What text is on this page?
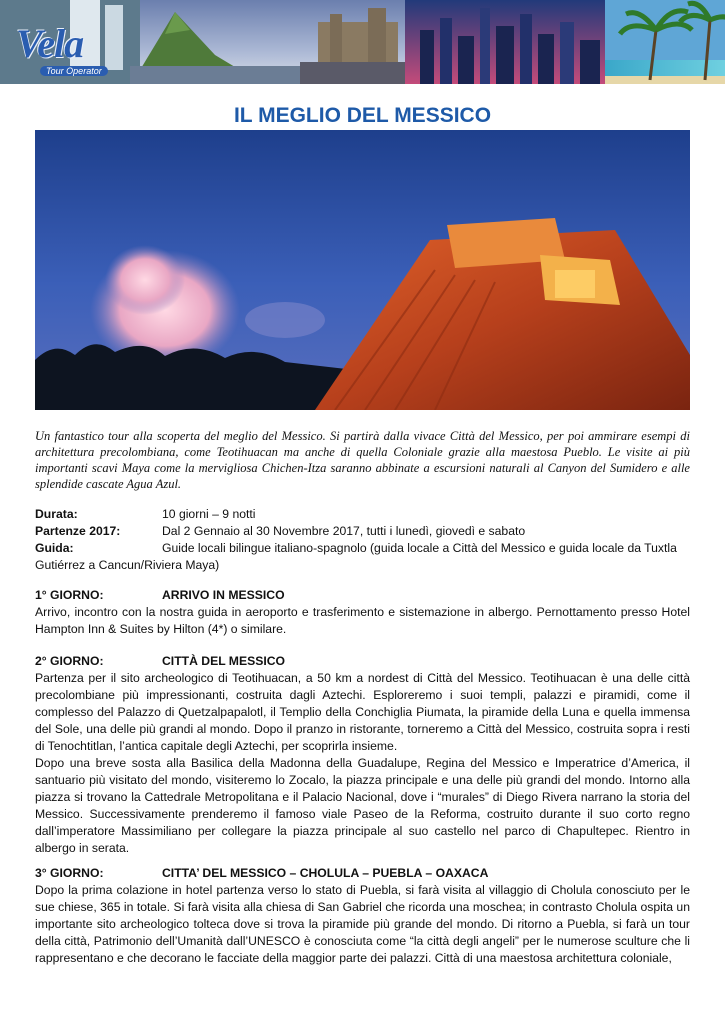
Vela
Tour Operator
IL MEGLIO DEL MESSICO

Un fantastico tour alla scoperta del meglio del Messico. Si partirà dalla vivace Città del Messico, per poi ammirare esempi di architettura precolombiana, come Teotihuacan ma anche di quella Coloniale grazie alla maestosa Pueblo. Le visite ai più importanti scavi Maya come la mervigliosa Chichen-Itza saranno abbinate a escursioni naturali al Canyon del Sumidero e alle splendide cascate Agua Azul.

Durata:	10 giorni – 9 notti
Partenze 2017:	Dal 2 Gennaio al 30 Novembre 2017, tutti i lunedì, giovedì e sabato
Guida:	Guide locali bilingue italiano-spagnolo (guida locale a Città del Messico e guida locale da Tuxtla Gutiérrez a Cancun/Riviera Maya)
1° GIORNO:	ARRIVO IN MESSICO

Arrivo, incontro con la nostra guida in aeroporto e trasferimento e sistemazione in albergo. Pernottamento presso Hotel Hampton Inn & Suites by Hilton (4*) o similare.

2° GIORNO:	CITTÀ DEL MESSICO

Partenza per il sito archeologico di Teotihuacan, a 50 km a nordest di Città del Messico. Teotihuacan è una delle città precolombiane più impressionanti, costruita dagli Aztechi. Esploreremo i suoi templi, palazzi e piramidi, come il complesso del Palazzo di Quetzalpapalotl, il Templio della Conchiglia Piumata, la piramide della Luna e quella immensa del Sole, una delle più grandi al mondo. Dopo il pranzo in ristorante, torneremo a Città del Messico, costruita sopra i resti di Tenochtitlan, l’antica capitale degli Aztechi, per scoprirla insieme.

Dopo una breve sosta alla Basilica della Madonna della Guadalupe, Regina del Messico e Imperatrice d’America, il santuario più visitato del mondo, visiteremo lo Zocalo, la piazza principale e una delle più grandi del mondo. Intorno alla piazza si trovano la Cattedrale Metropolitana e il Palacio Nacional, dove i “murales” di Diego Rivera narrano la storia del Messico. Successivamente prenderemo il famoso viale Paseo de la Reforma, costruito durante il suo corto regno dall’imperatore Massimiliano per collegare la piazza principale al suo castello nel parco di Chapultepec. Rientro in albergo in serata.

3° GIORNO:	CITTA’ DEL MESSICO – CHOLULA – PUEBLA – OAXACA

Dopo la prima colazione in hotel partenza verso lo stato di Puebla, si farà visita al villaggio di Cholula conosciuto per le sue chiese, 365 in totale. Si farà visita alla chiesa di San Gabriel che ricorda una moschea; in contrasto Cholula ospita un importante sito archeologico tolteca dove si trova la piramide più grande del mondo. Di ritorno a Puebla, si farà un tour della città, Patrimonio dell’Umanità dall’UNESCO è conosciuta come “la città degli angeli” per le numerose sculture che li rappresentano e che decorano le facciate della maggior parte dei palazzi. Città di una maestosa architettura coloniale,
